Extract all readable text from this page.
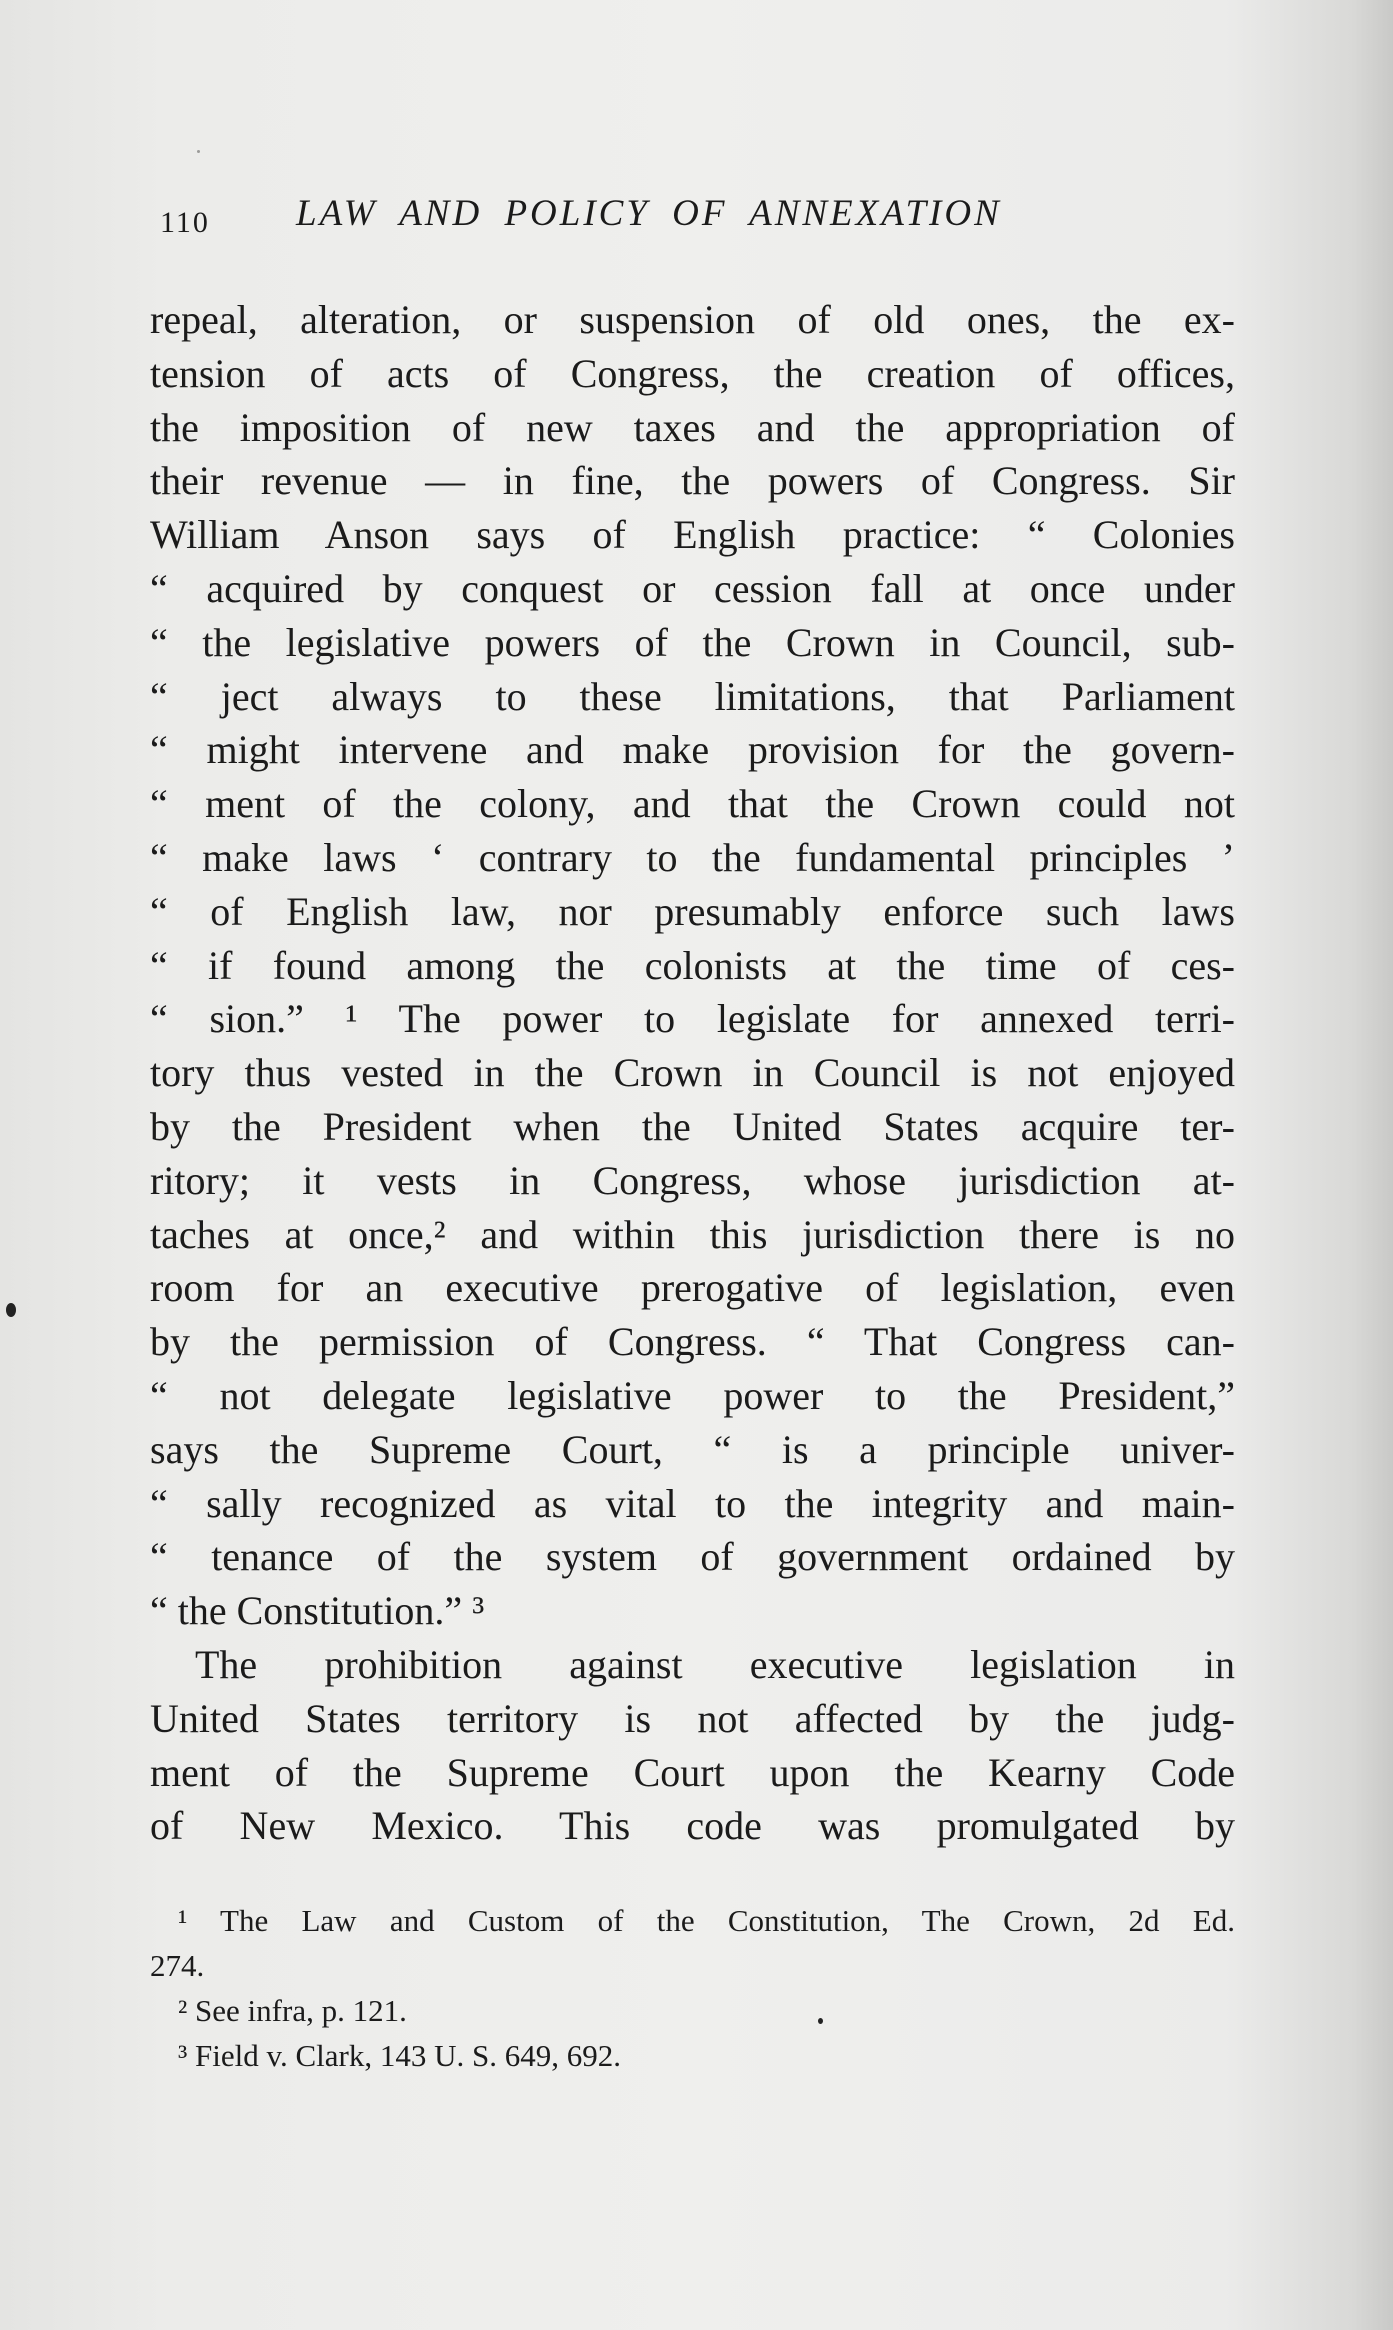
110 LAW AND POLICY OF ANNEXATION
repeal, alteration, or suspension of old ones, the ex-
tension of acts of Congress, the creation of offices,
the imposition of new taxes and the appropriation of
their revenue — in fine, the powers of Congress. Sir
William Anson says of English practice: “ Colonies
“ acquired by conquest or cession fall at once under
“ the legislative powers of the Crown in Council, sub-
“ ject always to these limitations, that Parliament
“ might intervene and make provision for the govern-
“ ment of the colony, and that the Crown could not
“ make laws ‘ contrary to the fundamental principles ’
“ of English law, nor presumably enforce such laws
“ if found among the colonists at the time of ces-
“ sion.” ¹ The power to legislate for annexed terri-
tory thus vested in the Crown in Council is not enjoyed
by the President when the United States acquire ter-
ritory; it vests in Congress, whose jurisdiction at-
taches at once,² and within this jurisdiction there is no
room for an executive prerogative of legislation, even
by the permission of Congress. “ That Congress can-
“ not delegate legislative power to the President,”
says the Supreme Court, “ is a principle univer-
“ sally recognized as vital to the integrity and main-
“ tenance of the system of government ordained by
“ the Constitution.” ³
The prohibition against executive legislation in
United States territory is not affected by the judg-
ment of the Supreme Court upon the Kearny Code
of New Mexico. This code was promulgated by
¹ The Law and Custom of the Constitution, The Crown, 2d Ed.
274.
² See infra, p. 121.
³ Field v. Clark, 143 U. S. 649, 692.
